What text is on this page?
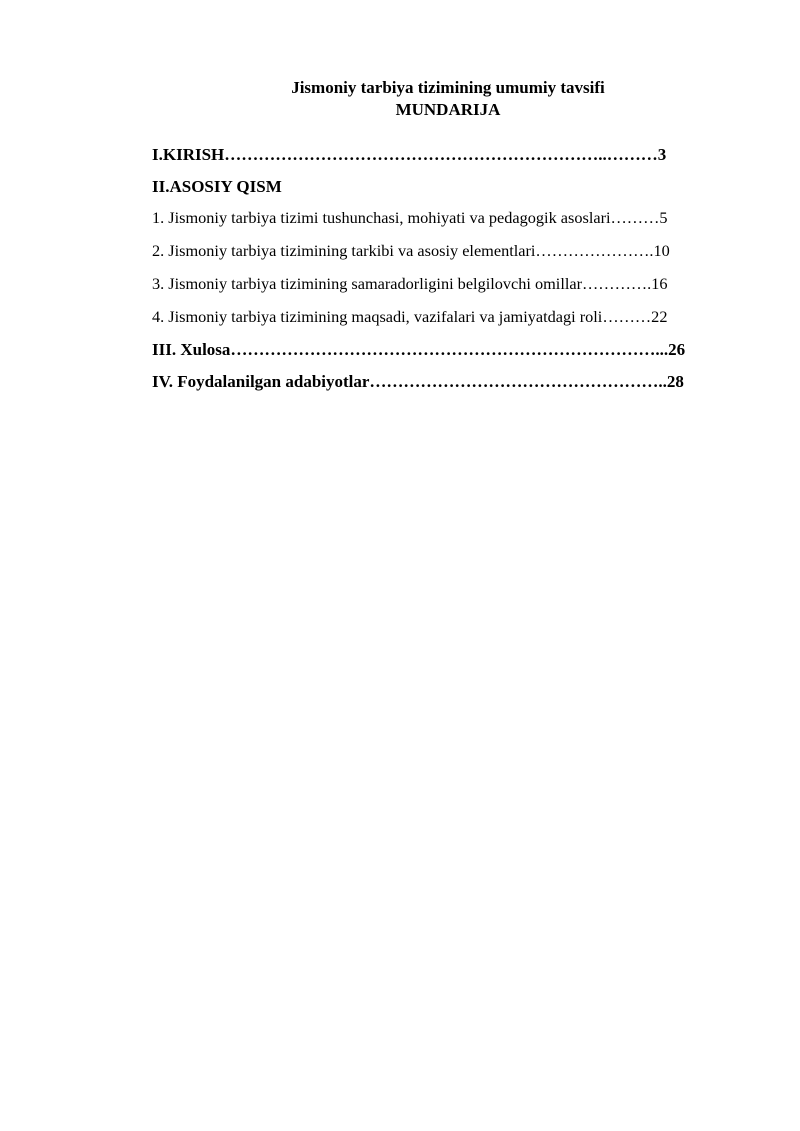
Jismoniy tarbiya tizimining umumiy tavsifi
MUNDARIJA
I.KIRISH…………………………………………………………..………3
II.ASOSIY QISM
1. Jismoniy tarbiya tizimi tushunchasi, mohiyati va pedagogik asoslari………5
2. Jismoniy tarbiya tizimining tarkibi va asosiy elementlari………………….10
3. Jismoniy tarbiya tizimining samaradorligini belgilovchi omillar………….16
4. Jismoniy tarbiya tizimining maqsadi, vazifalari va jamiyatdagi roli………22
III. Xulosa…………………………………………………………………...26
IV. Foydalanilgan adabiyotlar……………………………………………..28
